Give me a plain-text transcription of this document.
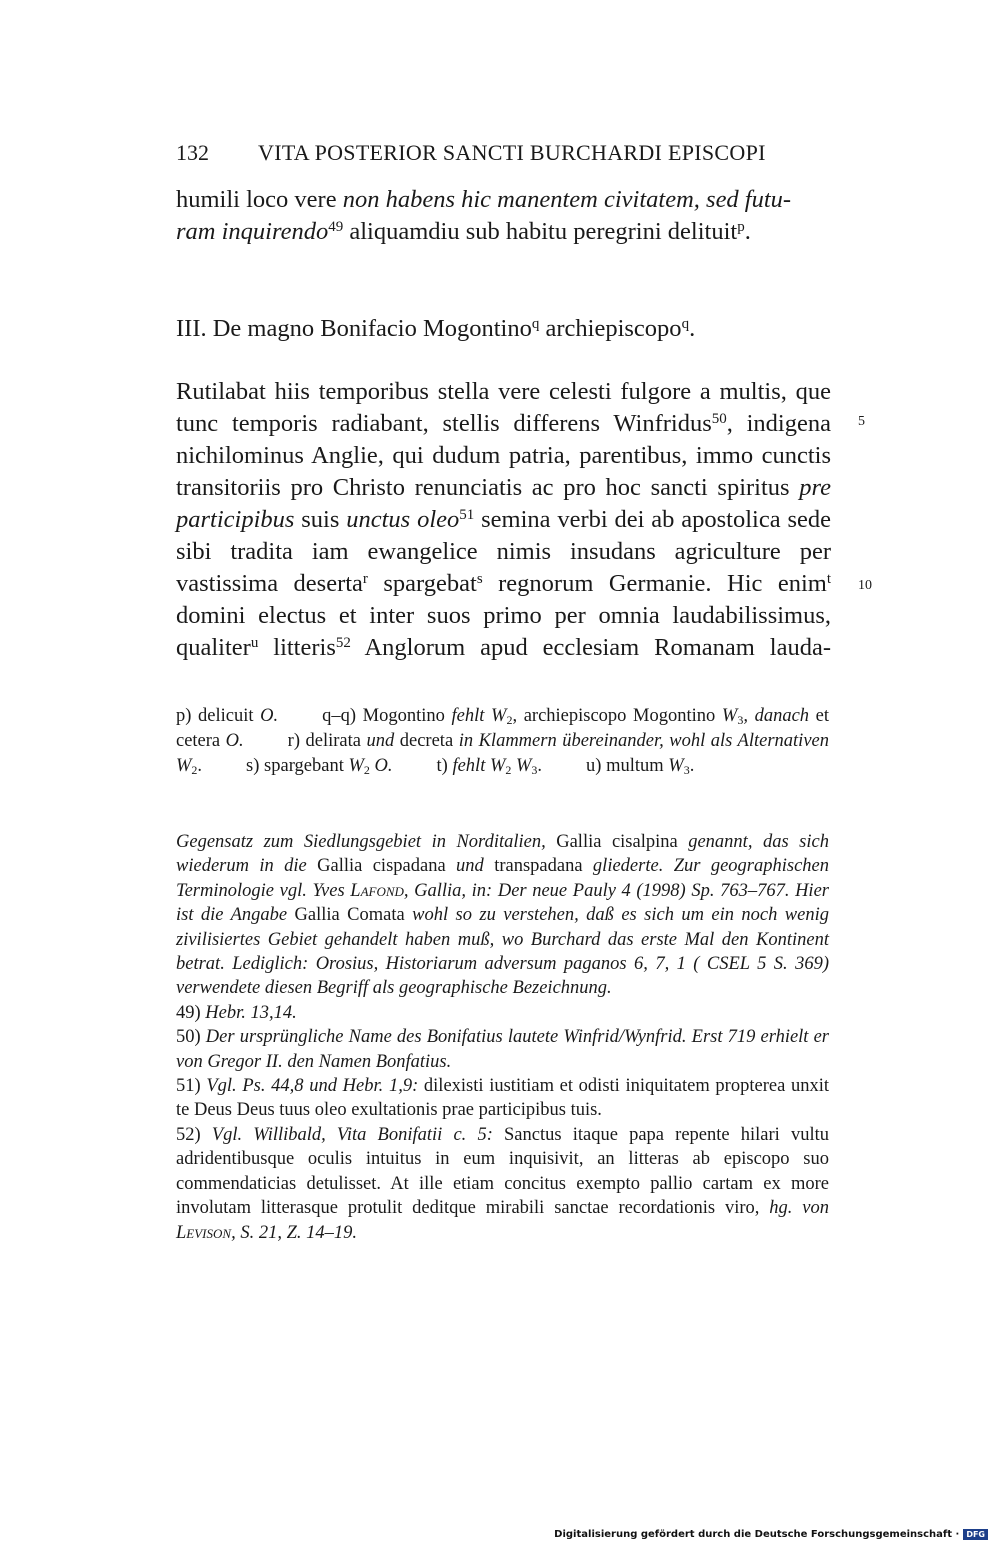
132 VITA POSTERIOR SANCTI BURCHARDI EPISCOPI

humili loco vere non habens hic manentem civitatem, sed futu-
ram inquirendo$^{49}$ aliquamdiu sub habitu peregrini delituit$^p$.

III. De magno Bonifacio Mogontino$^q$ archiepiscopo$^q$.

Rutilabat hiis temporibus stella vere celesti fulgore a multis, que tunc temporis radiabant, stellis differens Winfridus$^{50}$, indigena nichilominus Anglie, qui dudum patria, parentibus, immo cunctis transitoriis pro Christo renunciatis ac pro hoc sancti spiritus pre participibus suis unctus oleo$^{51}$ semina verbi dei ab apostolica sede sibi tradita iam ewangelice nimis insudans agriculture per vastissima deserta$^r$ spargebat$^s$ regnorum Germanie. Hic enim$^t$ domini electus et inter suos primo per omnia laudabilissimus, qualiter$^u$ litteris$^{52}$ Anglorum apud ecclesiam Romanam lauda-

5
10
p) delicuit O. q–q) Mogontino fehlt $W_2$, archiepiscopo Mogontino $W_3$, danach et cetera O. r) delirata und decreta in Klammern übereinander, wohl als Alternativen $W_2$. s) spargebant $W_2$ O. t) fehlt $W_2$ $W_3$. u) multum $W_3$.

Gegensatz zum Siedlungsgebiet in Norditalien, Gallia cisalpina genannt, das sich wiederum in die Gallia cispadana und transpadana gliederte. Zur geographischen Terminologie vgl. Yves Lafond, Gallia, in: Der neue Pauly 4 (1998) Sp. 763–767. Hier ist die Angabe Gallia Comata wohl so zu verstehen, daß es sich um ein noch wenig zivilisiertes Gebiet gehandelt haben muß, wo Burchard das erste Mal den Kontinent betrat. Lediglich: Orosius, Historiarum adversum paganos 6, 7, 1 ( CSEL 5 S. 369) verwendete diesen Begriff als geographische Bezeichnung.

49) Hebr. 13,14.

50) Der ursprüngliche Name des Bonifatius lautete Winfrid/Wynfrid. Erst 719 erhielt er von Gregor II. den Namen Bonfatius.

51) Vgl. Ps. 44,8 und Hebr. 1,9: dilexisti iustitiam et odisti iniquitatem propterea unxit te Deus Deus tuus oleo exultationis prae participibus tuis.

52) Vgl. Willibald, Vita Bonifatii c. 5: Sanctus itaque papa repente hilari vultu adridentibusque oculis intuitus in eum inquisivit, an litteras ab episcopo suo commendaticias detulisset. At ille etiam concitus exempto pallio cartam ex more involutam litterasque protulit deditque mirabili sanctae recordationis viro, hg. von Levison, S. 21, Z. 14–19.

Digitalisierung gefördert durch die Deutsche Forschungsgemeinschaft · DFG
